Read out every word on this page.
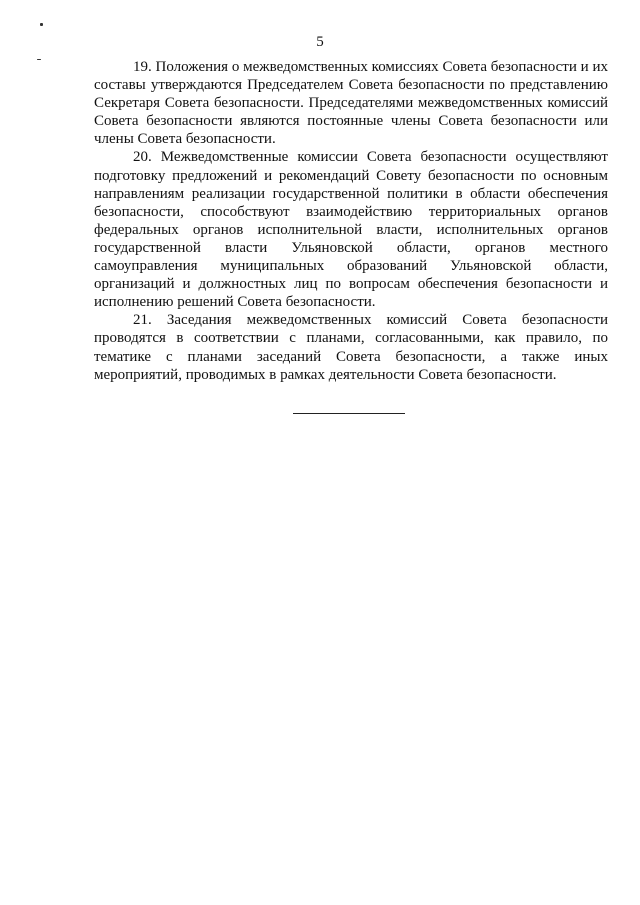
5

19. Положения о межведомственных комиссиях Совета безопасности и их составы утверждаются Председателем Совета безопасности по представлению Секретаря Совета безопасности. Председателями межведомственных комиссий Совета безопасности являются постоянные члены Совета безопасности или члены Совета безопасности.

20. Межведомственные комиссии Совета безопасности осуществляют подготовку предложений и рекомендаций Совету безопасности по основным направлениям реализации государственной политики в области обеспечения безопасности, способствуют взаимодействию территориальных органов федеральных органов исполнительной власти, исполнительных органов государственной власти Ульяновской области, органов местного самоуправления муниципальных образований Ульяновской области, организаций и должностных лиц по вопросам обеспечения безопасности и исполнению решений Совета безопасности.

21. Заседания межведомственных комиссий Совета безопасности проводятся в соответствии с планами, согласованными, как правило, по тематике с планами заседаний Совета безопасности, а также иных мероприятий, проводимых в рамках деятельности Совета безопасности.
